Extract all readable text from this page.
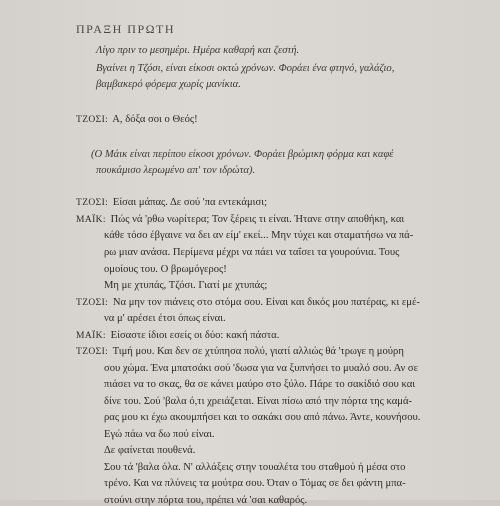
ΠΡΑΞΗ ΠΡΩΤΗ
Λίγο πριν το μεσημέρι. Ημέρα καθαρή και ζεστή.
Βγαίνει η Τζόσι, είναι είκοσι οκτώ χρόνων. Φοράει ένα φτηνό, γαλάζιο,
βαμβακερό φόρεμα χωρίς μανίκια.
ΤΖΟΣΙ: Α, δόξα σοι ο Θεός!
(Ο Μάικ είναι περίπου είκοσι χρόνων. Φοράει βρώμικη φόρμα και καφέ
πουκάμισο λερωμένο απ' τον ιδρώτα).
ΤΖΟΣΙ: Είσαι μάπας. Δε σού 'πα εντεκάμισι;
ΜΑΪΚ: Πώς νά 'ρθω νωρίτερα; Τον ξέρεις τι είναι. Ήτανε στην αποθήκη, και
κάθε τόσο έβγαινε να δει αν είμ' εκεί... Μην τύχει και σταματήσω να πά-
ρω μιαν ανάσα. Περίμενα μέχρι να πάει να ταΐσει τα γουρούνια. Τους
ομοίους του. Ο βρωμόγερος!
Μη με χτυπάς, Τζόσι. Γιατί με χτυπάς;
ΤΖΟΣΙ: Να μην τον πιάνεις στο στόμα σου. Είναι και δικός μου πατέρας, κι εμέ-
να μ' αρέσει έτσι όπως είναι.
ΜΑΪΚ: Είσαστε ίδιοι εσείς οι δύο: κακή πάστα.
ΤΖΟΣΙ: Τιμή μου. Και δεν σε χτύπησα πολύ, γιατί αλλιώς θά 'τρωγε η μούρη
σου χώμα. Ένα μπατσάκι σού 'δωσα για να ξυπνήσει το μυαλό σου. Αν σε
πιάσει να το σκας, θα σε κάνει μαύρο στο ξύλο. Πάρε το σακίδιό σου και
δίνε του. Σού 'βαλα ό,τι χρειάζεται. Είναι πίσω από την πόρτα της καμά-
ρας μου κι έχω ακουμπήσει και το σακάκι σου από πάνω. Άντε, κουνήσου.
Εγώ πάω να δω πού είναι.
Δε φαίνεται πουθενά.
Σου τά 'βαλα όλα. Ν' αλλάξεις στην τουαλέτα του σταθμού ή μέσα στο
τρένο. Και να πλύνεις τα μούτρα σου. Όταν ο Τόμας σε δει φάντη μπα-
στούνι στην πόρτα του, πρέπει νά 'σαι καθαρός.
